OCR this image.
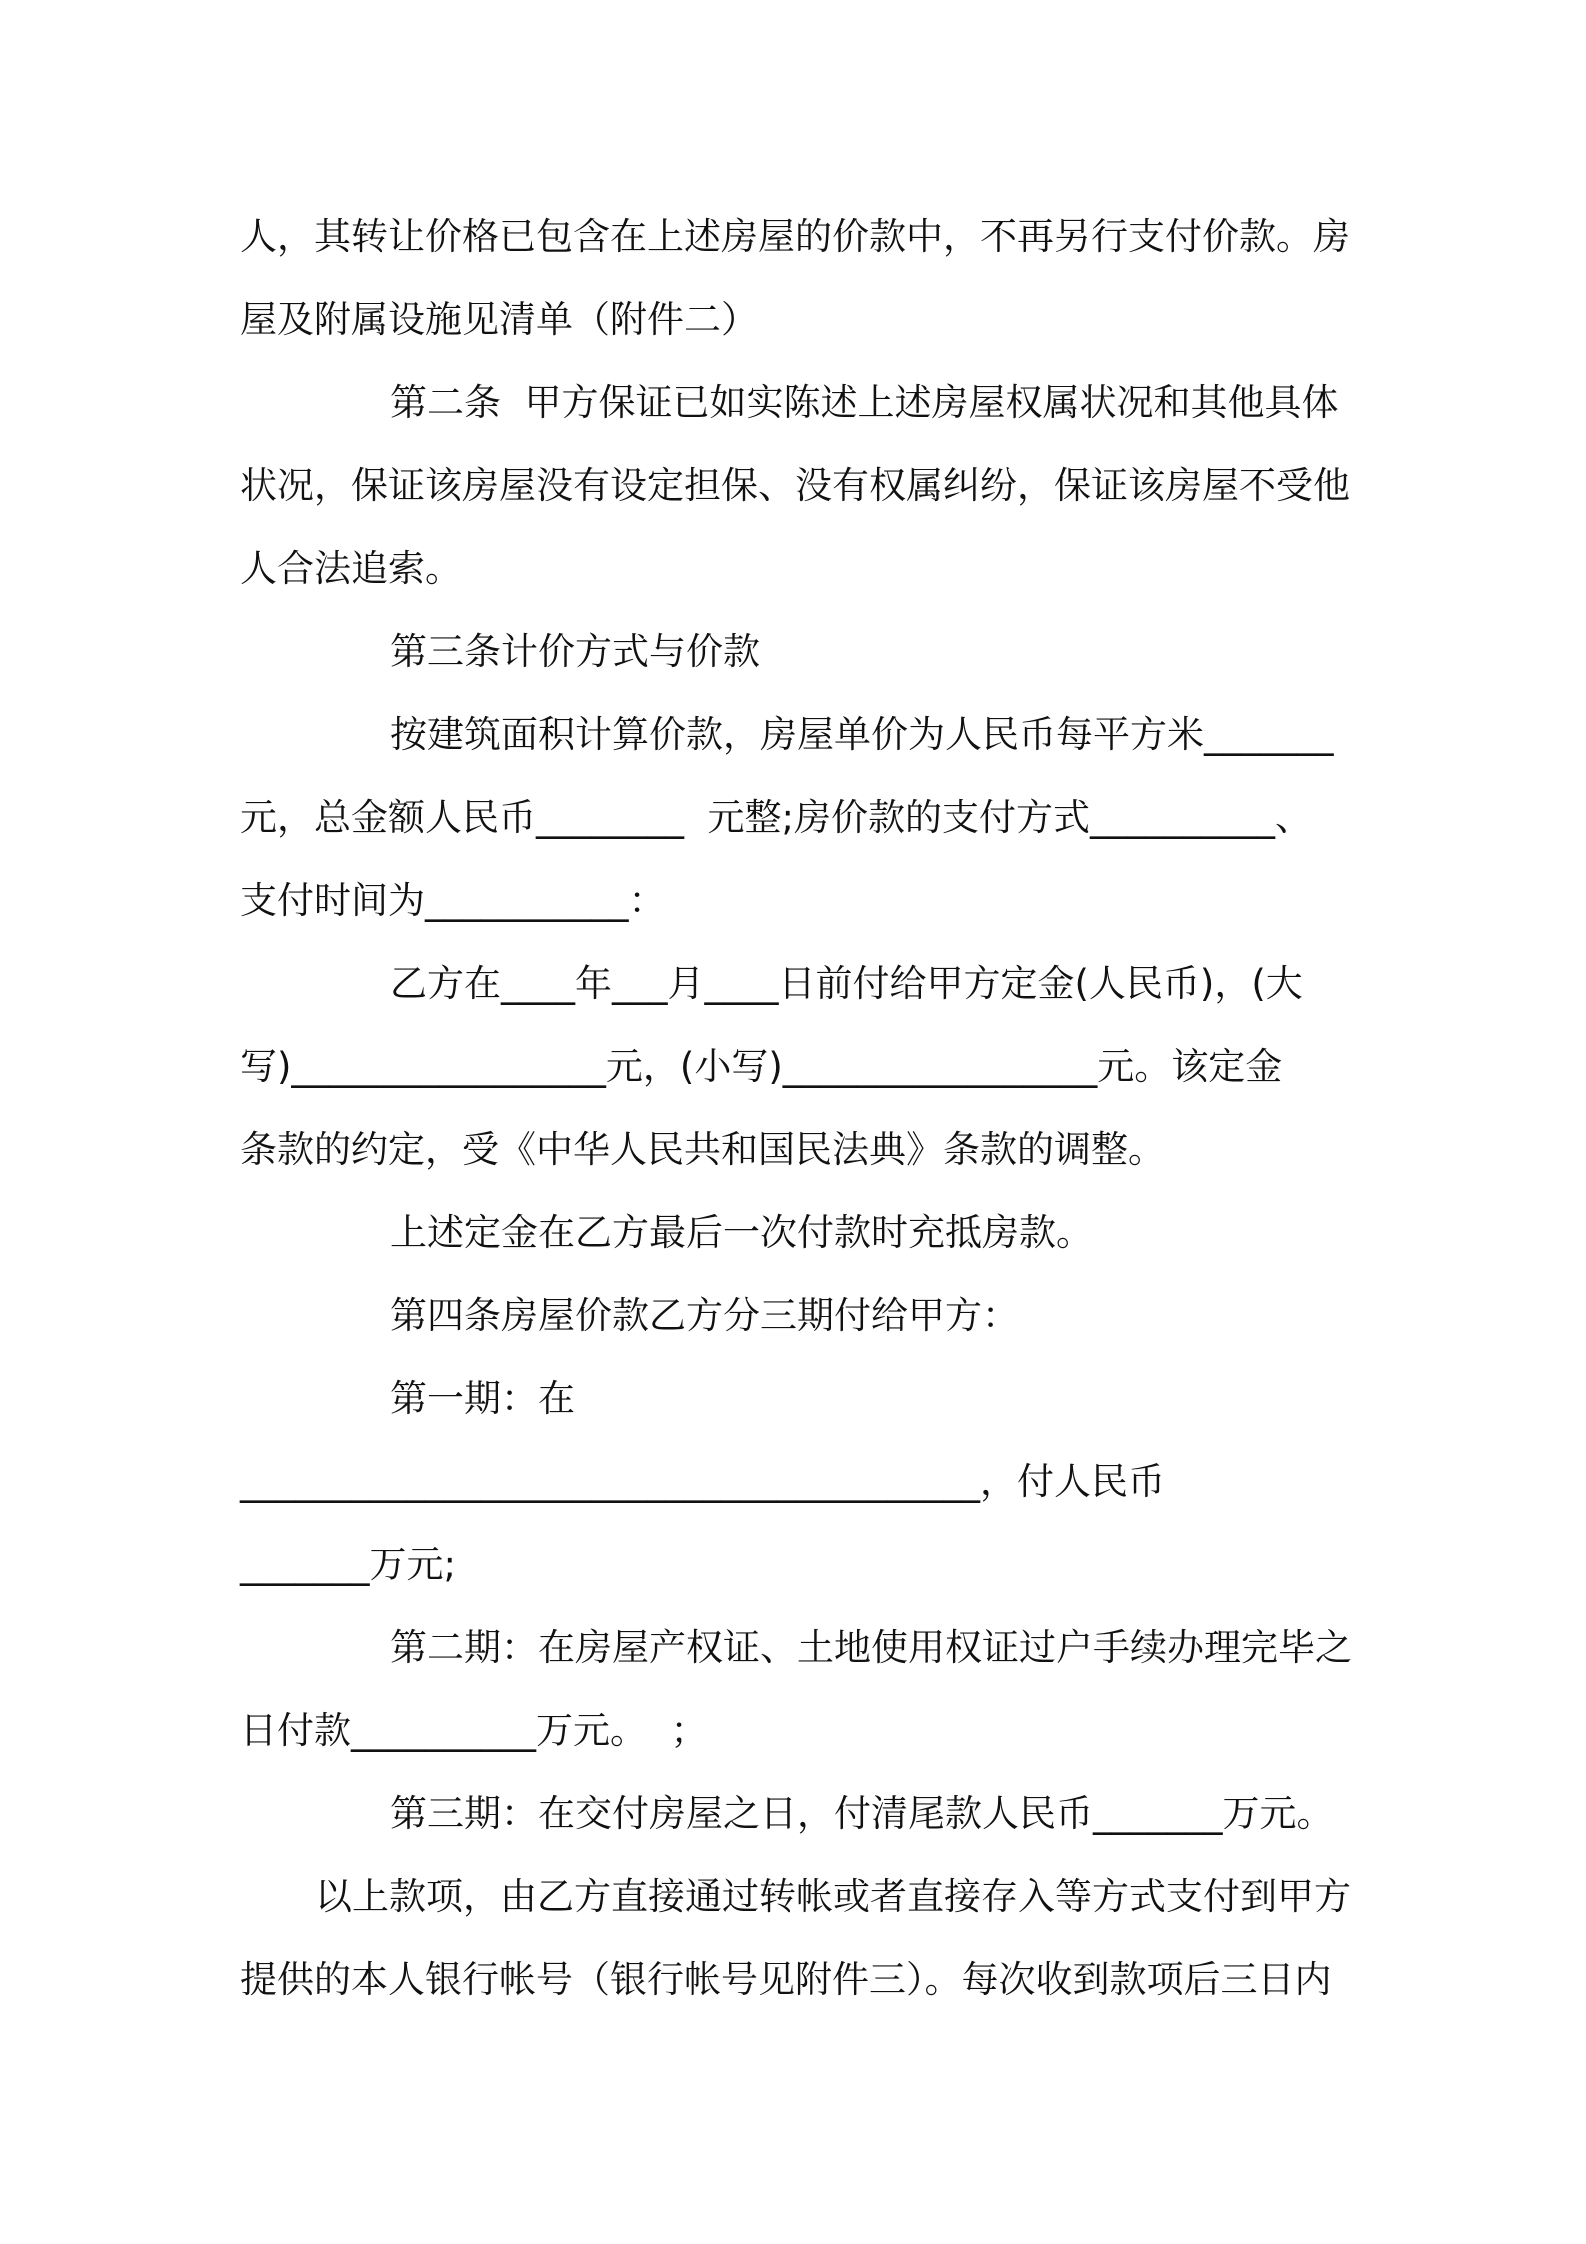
人，其转让价格已包含在上述房屋的价款中，不再另行支付价款。房
屋及附属设施见清单（附件二）
第二条  甲方保证已如实陈述上述房屋权属状况和其他具体
状况，保证该房屋没有设定担保、没有权属纠纷，保证该房屋不受他
人合法追索。
第三条计价方式与价款
按建筑面积计算价款，房屋单价为人民币每平方米_______
元，总金额人民币________  元整;房价款的支付方式__________、
支付时间为___________：
乙方在____年___月____日前付给甲方定金(人民币)，(大
写)_________________元，(小写)_________________元。该定金
条款的约定，受《中华人民共和国民法典》条款的调整。
上述定金在乙方最后一次付款时充抵房款。
第四条房屋价款乙方分三期付给甲方：
第一期：在
________________________________________，付人民币
_______万元;
第二期：在房屋产权证、土地使用权证过户手续办理完毕之
日付款__________万元。  ；
第三期：在交付房屋之日，付清尾款人民币_______万元。
以上款项，由乙方直接通过转帐或者直接存入等方式支付到甲方
提供的本人银行帐号（银行帐号见附件三）。每次收到款项后三日内
